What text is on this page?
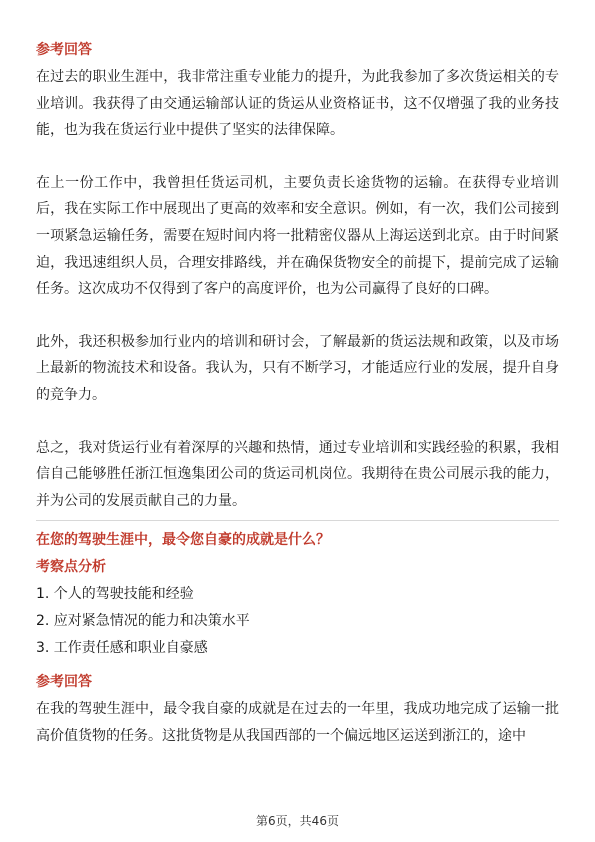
参考回答

在过去的职业生涯中，我非常注重专业能力的提升，为此我参加了多次货运相关的专业培训。我获得了由交通运输部认证的货运从业资格证书，这不仅增强了我的业务技能，也为我在货运行业中提供了坚实的法律保障。

在上一份工作中，我曾担任货运司机，主要负责长途货物的运输。在获得专业培训后，我在实际工作中展现出了更高的效率和安全意识。例如，有一次，我们公司接到一项紧急运输任务，需要在短时间内将一批精密仪器从上海运送到北京。由于时间紧迫，我迅速组织人员，合理安排路线，并在确保货物安全的前提下，提前完成了运输任务。这次成功不仅得到了客户的高度评价，也为公司赢得了良好的口碑。

此外，我还积极参加行业内的培训和研讨会，了解最新的货运法规和政策，以及市场上最新的物流技术和设备。我认为，只有不断学习，才能适应行业的发展，提升自身的竞争力。

总之，我对货运行业有着深厚的兴趣和热情，通过专业培训和实践经验的积累，我相信自己能够胜任浙江恒逸集团公司的货运司机岗位。我期待在贵公司展示我的能力，并为公司的发展贡献自己的力量。

在您的驾驶生涯中，最令您自豪的成就是什么？
考察点分析
1. 个人的驾驶技能和经验
2. 应对紧急情况的能力和决策水平
3. 工作责任感和职业自豪感
参考回答

在我的驾驶生涯中，最令我自豪的成就是在过去的一年里，我成功地完成了运输一批高价值货物的任务。这批货物是从我国西部的一个偏远地区运送到浙江的，途中

第6页，共46页
